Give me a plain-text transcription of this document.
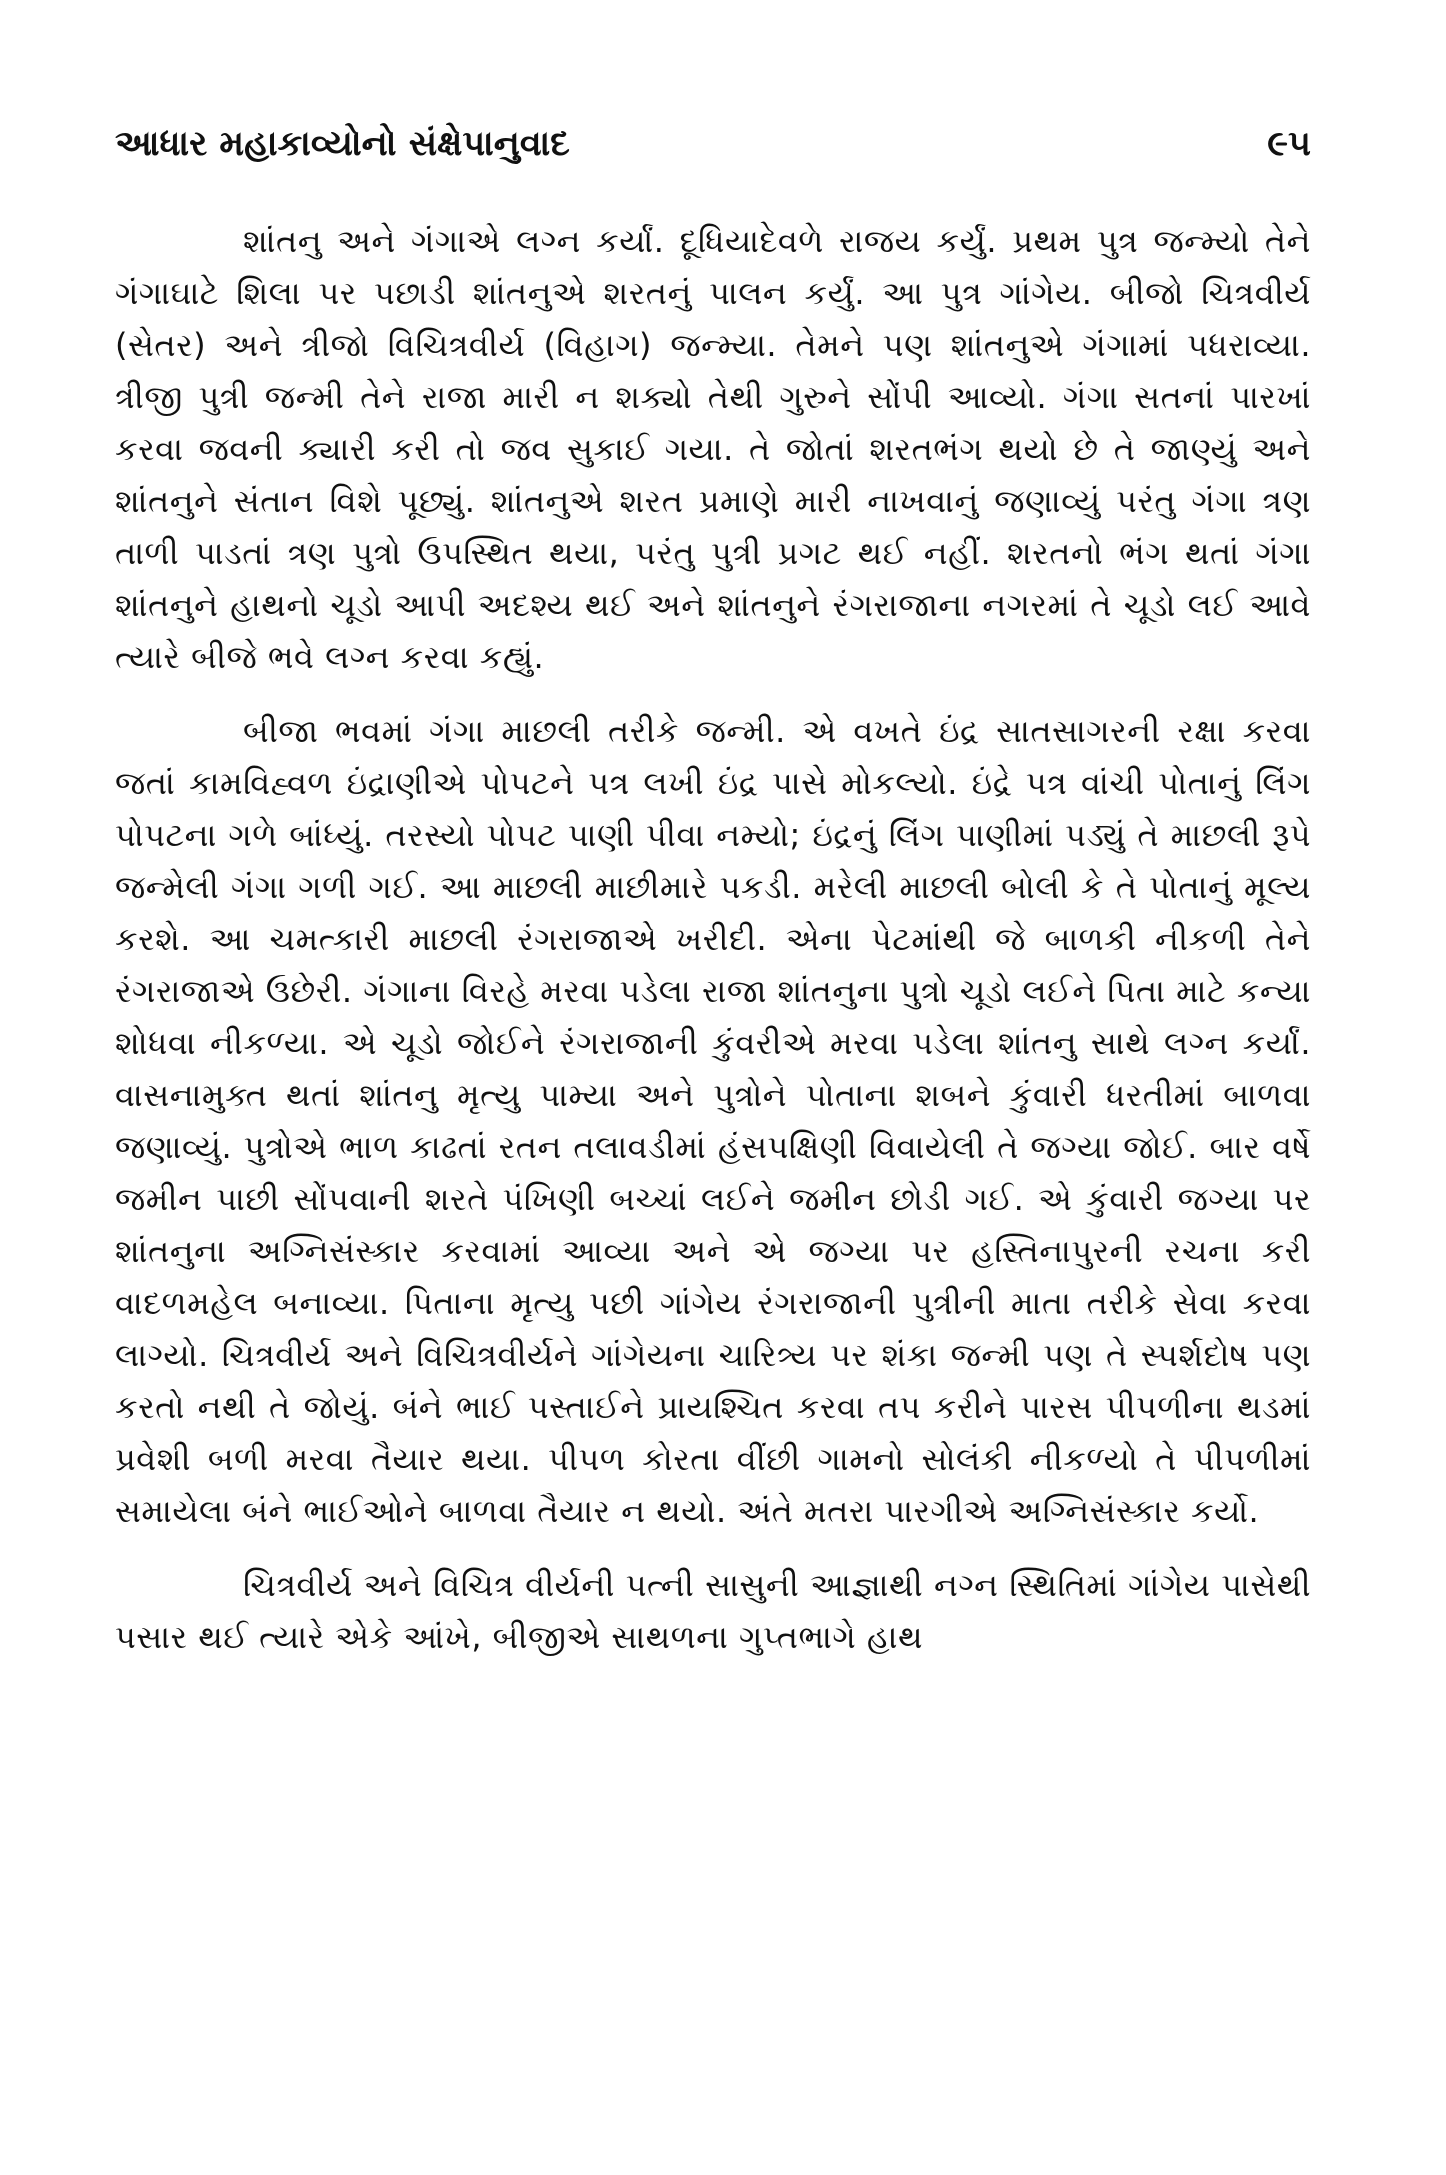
આધાર મહાકાવ્યોનો સંક્ષેપાનુવાદ	૯૫

શાંતનુ અને ગંગાએ લગ્ન કર્યાં. દૂધિયાદેવળે રાજય કર્યું. પ્રથમ પુત્ર જન્મ્યો તેને ગંગાઘાટે શિલા પર પછાડી શાંતનુએ શરતનું પાલન કર્યું. આ પુત્ર ગાંગેય. બીજો ચિત્રવીર્ય (સેતર) અને ત્રીજો વિચિત્રવીર્ય (વિહાગ) જન્મ્યા. તેમને પણ શાંતનુએ ગંગામાં પધરાવ્યા. ત્રીજી પુત્રી જન્મી તેને રાજા મારી ન શક્યો તેથી ગુરુને સોંપી આવ્યો. ગંગા સતનાં પારખાં કરવા જવની ક્યારી કરી તો જવ સુકાઈ ગયા. તે જોતાં શરતભંગ થયો છે તે જાણ્યું અને શાંતનુને સંતાન વિશે પૂછ્યું. શાંતનુએ શરત પ્રમાણે મારી નાખવાનું જણાવ્યું પરંતુ ગંગા ત્રણ તાળી પાડતાં ત્રણ પુત્રો ઉપસ્થિત થયા, પરંતુ પુત્રી પ્રગટ થઈ નહીં. શરતનો ભંગ થતાં ગંગા શાંતનુને હાથનો ચૂડો આપી અદશ્ય થઈ અને શાંતનુને રંગરાજાના નગરમાં તે ચૂડો લઈ આવે ત્યારે બીજે ભવે લગ્ન કરવા કહ્યું.

બીજા ભવમાં ગંગા માછલી તરીકે જન્મી. એ વખતે ઇંદ્ર સાતસાગરની રક્ષા કરવા જતાં કામવિહ્વળ ઇંદ્રાણીએ પોપટને પત્ર લખી ઇંદ્ર પાસે મોકલ્યો. ઇંદ્રે પત્ર વાંચી પોતાનું લિંગ પોપટના ગળે બાંધ્યું. તરસ્યો પોપટ પાણી પીવા નમ્યો; ઇંદ્રનું લિંગ પાણીમાં પડ્યું તે માછલી રૂપે જન્મેલી ગંગા ગળી ગઈ. આ માછલી માછીમારે પકડી. મરેલી માછલી બોલી કે તે પોતાનું મૂલ્ય કરશે. આ ચમત્કારી માછલી રંગરાજાએ ખરીદી. એના પેટમાંથી જે બાળકી નીકળી તેને રંગરાજાએ ઉછેરી. ગંગાના વિરહે મરવા પડેલા રાજા શાંતનુના પુત્રો ચૂડો લઈને પિતા માટે કન્યા શોધવા નીકળ્યા. એ ચૂડો જોઈને રંગરાજાની કુંવરીએ મરવા પડેલા શાંતનુ સાથે લગ્ન કર્યાં. વાસનામુક્ત થતાં શાંતનુ મૃત્યુ પામ્યા અને પુત્રોને પોતાના શબને કુંવારી ધરતીમાં બાળવા જણાવ્યું. પુત્રોએ ભાળ કાઢતાં રતન તલાવડીમાં હંસપક્ષિણી વિવાયેલી તે જગ્યા જોઈ. બાર વર્ષે જમીન પાછી સોંપવાની શરતે પંખિણી બચ્ચાં લઈને જમીન છોડી ગઈ. એ કુંવારી જગ્યા પર શાંતનુના અગ્નિસંસ્કાર કરવામાં આવ્યા અને એ જગ્યા પર હસ્તિનાપુરની રચના કરી વાદળમહેલ બનાવ્યા. પિતાના મૃત્યુ પછી ગાંગેય રંગરાજાની પુત્રીની માતા તરીકે સેવા કરવા લાગ્યો. ચિત્રવીર્ય અને વિચિત્રવીર્યને ગાંગેયના ચારિત્ર્ય પર શંકા જન્મી પણ તે સ્પર્શદોષ પણ કરતો નથી તે જોયું. બંને ભાઈ પસ્તાઈને પ્રાયશ્ચિત કરવા તપ કરીને પારસ પીપળીના થડમાં પ્રવેશી બળી મરવા તૈયાર થયા. પીપળ કોરતા વીંછી ગામનો સોલંકી નીકળ્યો તે પીપળીમાં સમાયેલા બંને ભાઈઓને બાળવા તૈયાર ન થયો. અંતે મતરા પારગીએ અગ્નિસંસ્કાર કર્યો.

ચિત્રવીર્ય અને વિચિત્ર વીર્યની પત્ની સાસુની આજ્ઞાથી નગ્ન સ્થિતિમાં ગાંગેય પાસેથી પસાર થઈ ત્યારે એકે આંખે, બીજીએ સાથળના ગુપ્તભાગે હાથ
